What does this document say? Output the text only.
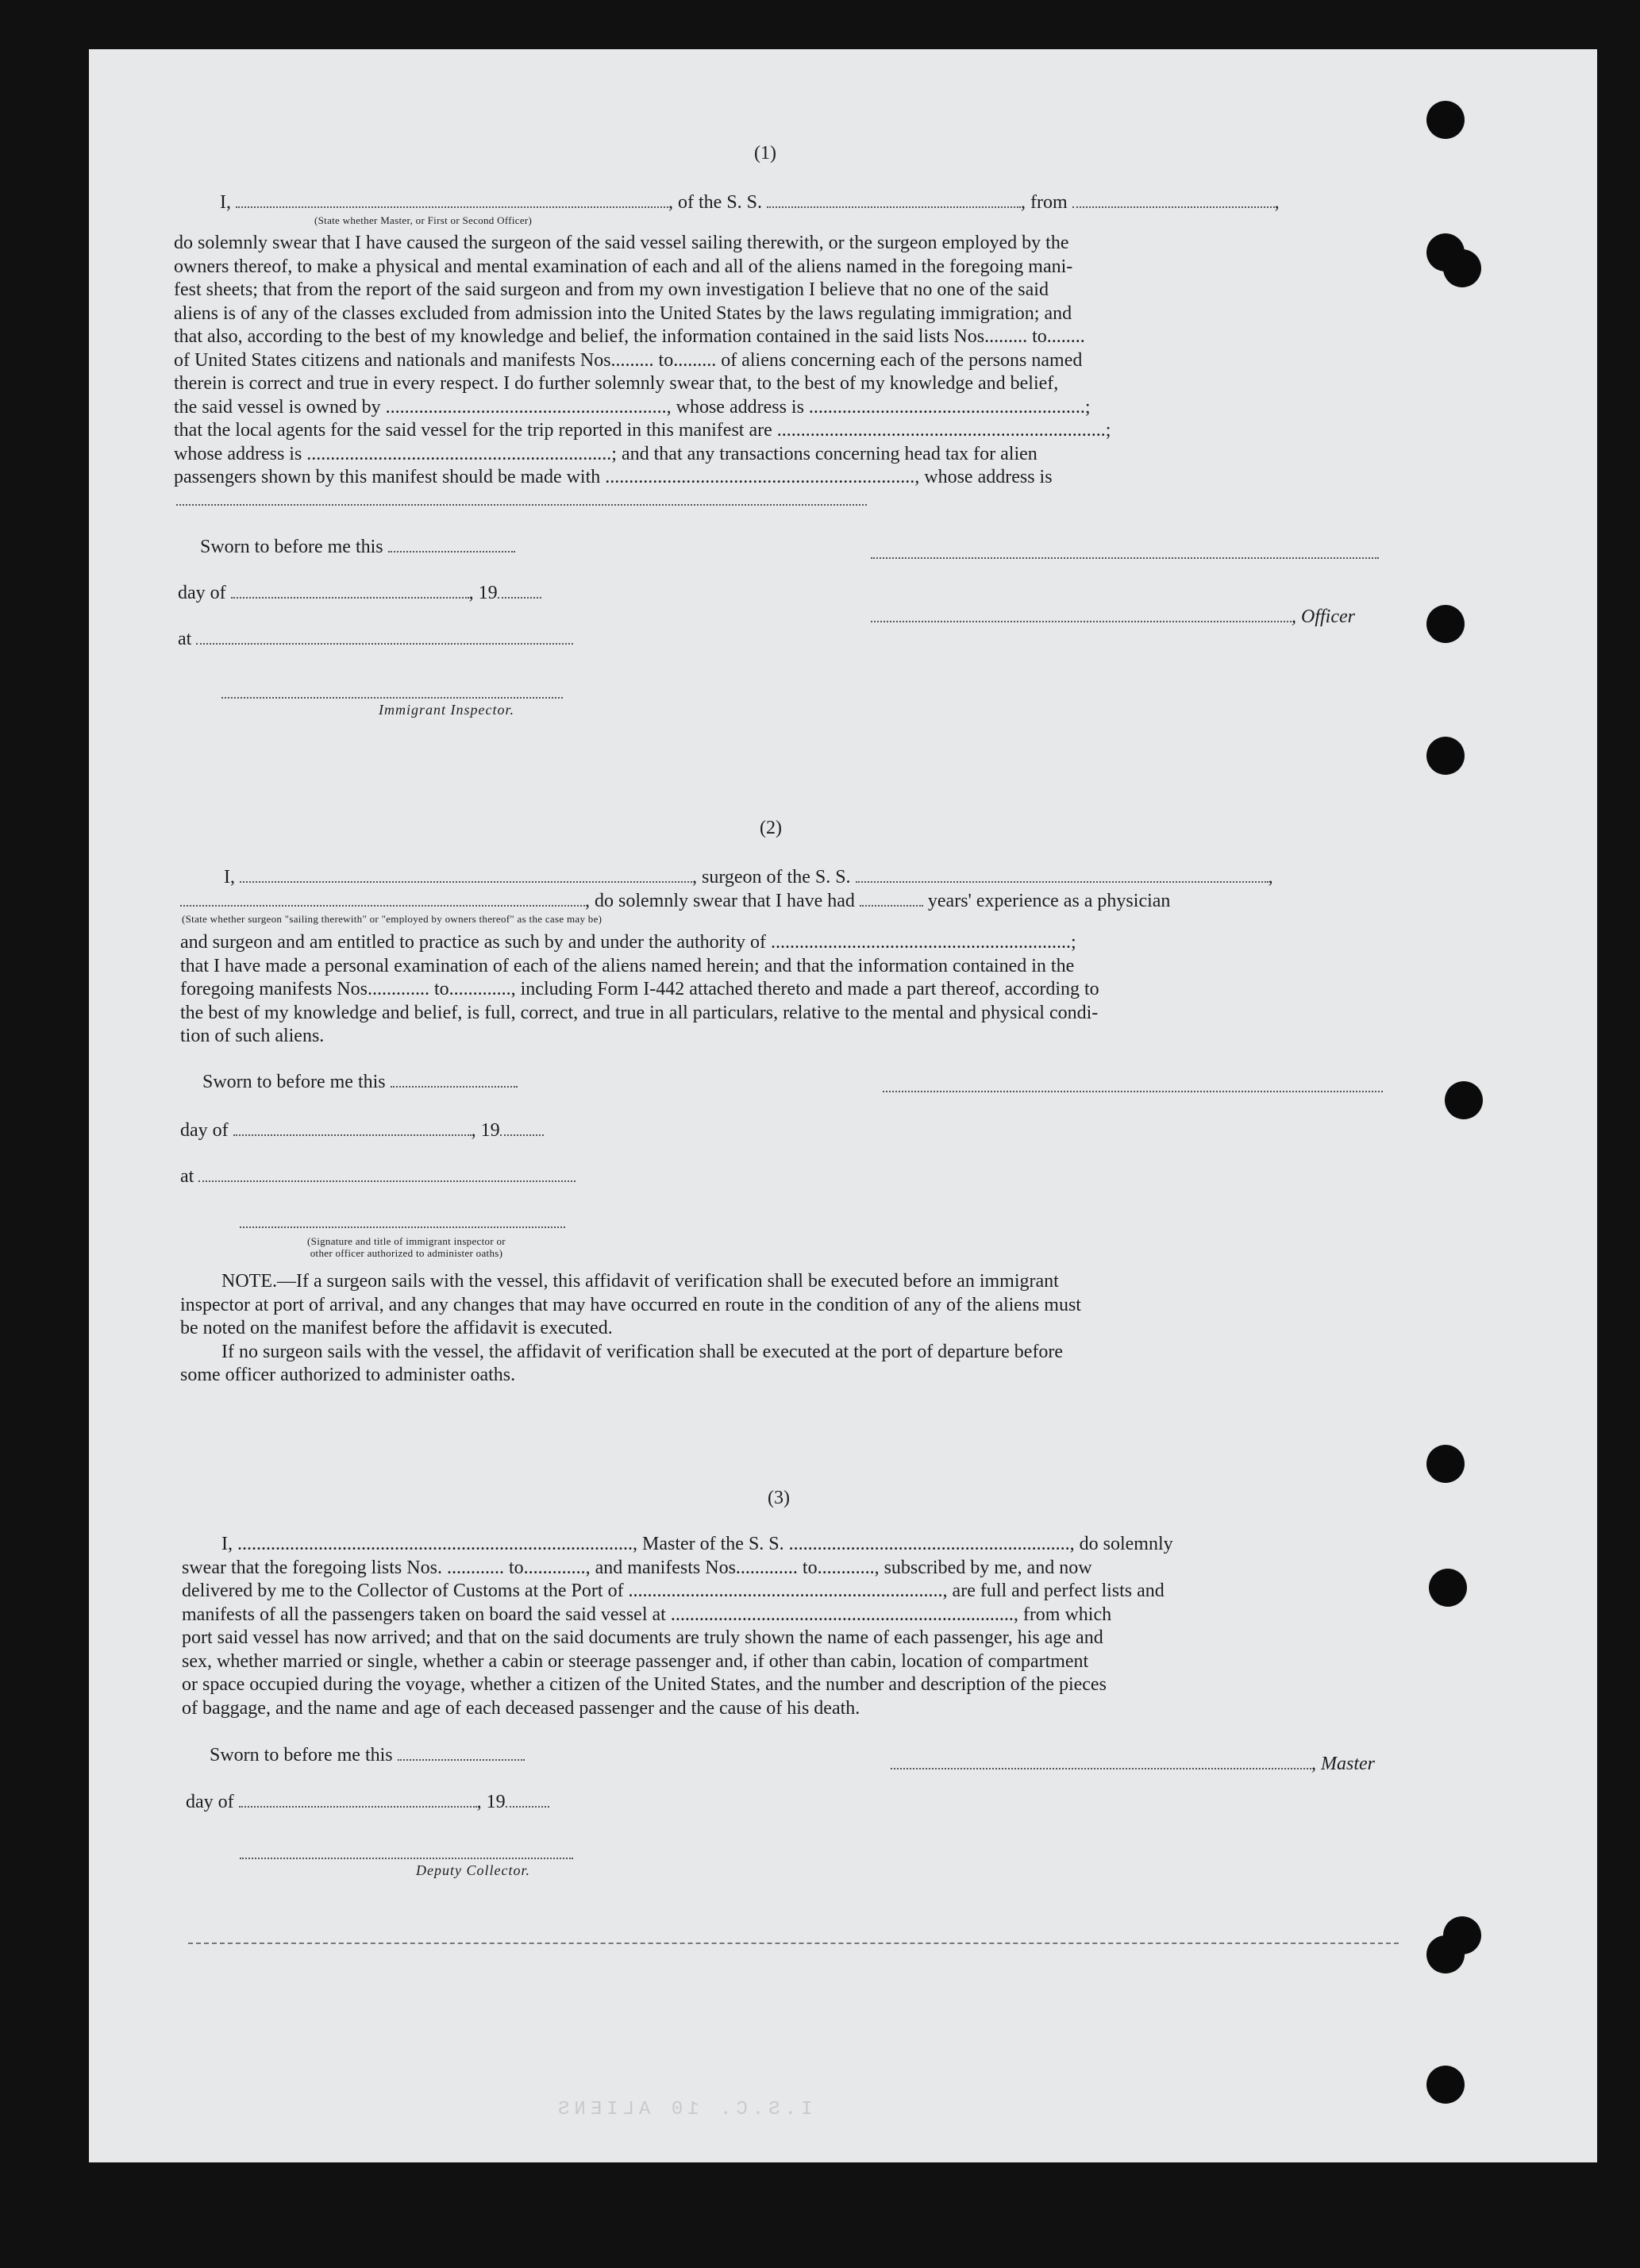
(1)
I,	, of the S. S.	, from	,
(State whether Master, or First or Second Officer)
do solemnly swear that I have caused the surgeon of the said vessel sailing therewith, or the surgeon employed by the
owners thereof, to make a physical and mental examination of each and all of the aliens named in the foregoing mani-
fest sheets; that from the report of the said surgeon and from my own investigation I believe that no one of the said
aliens is of any of the classes excluded from admission into the United States by the laws regulating immigration; and
that also, according to the best of my knowledge and belief, the information contained in the said lists Nos......... to........
of United States citizens and nationals and manifests Nos......... to......... of aliens concerning each of the persons named
therein is correct and true in every respect. I do further solemnly swear that, to the best of my knowledge and belief,
the said vessel is owned by ..........................................................., whose address is ..........................................................;
that the local agents for the said vessel for the trip reported in this manifest are .....................................................................;
whose address is ................................................................; and that any transactions concerning head tax for alien
passengers shown by this manifest should be made with ................................................................., whose address is
Sworn to before me this
day of	, 19
, Officer
at
Immigrant Inspector.
(2)
I,	, surgeon of the S. S.	,
, do solemnly swear that I have had	years' experience as a physician
(State whether surgeon "sailing therewith" or "employed by owners thereof" as the case may be)
and surgeon and am entitled to practice as such by and under the authority of ...............................................................;
that I have made a personal examination of each of the aliens named herein; and that the information contained in the
foregoing manifests Nos............. to............., including Form I-442 attached thereto and made a part thereof, according to
the best of my knowledge and belief, is full, correct, and true in all particulars, relative to the mental and physical condi-
tion of such aliens.
Sworn to before me this
day of	, 19
at
(Signature and title of immigrant inspector or
other officer authorized to administer oaths)
NOTE.—If a surgeon sails with the vessel, this affidavit of verification shall be executed before an immigrant
inspector at port of arrival, and any changes that may have occurred en route in the condition of any of the aliens must
be noted on the manifest before the affidavit is executed.
If no surgeon sails with the vessel, the affidavit of verification shall be executed at the port of departure before
some officer authorized to administer oaths.
(3)
I, ..................................................................................., Master of the S. S. ..........................................................., do solemnly
swear that the foregoing lists Nos. ............ to............., and manifests Nos............. to............, subscribed by me, and now
delivered by me to the Collector of Customs at the Port of .................................................................., are full and perfect lists and
manifests of all the passengers taken on board the said vessel at ........................................................................, from which
port said vessel has now arrived; and that on the said documents are truly shown the name of each passenger, his age and
sex, whether married or single, whether a cabin or steerage passenger and, if other than cabin, location of compartment
or space occupied during the voyage, whether a citizen of the United States, and the number and description of the pieces
of baggage, and the name and age of each deceased passenger and the cause of his death.
Sworn to before me this	, Master
day of	, 19
Deputy Collector.
I.S.C. 10 ALIENS
